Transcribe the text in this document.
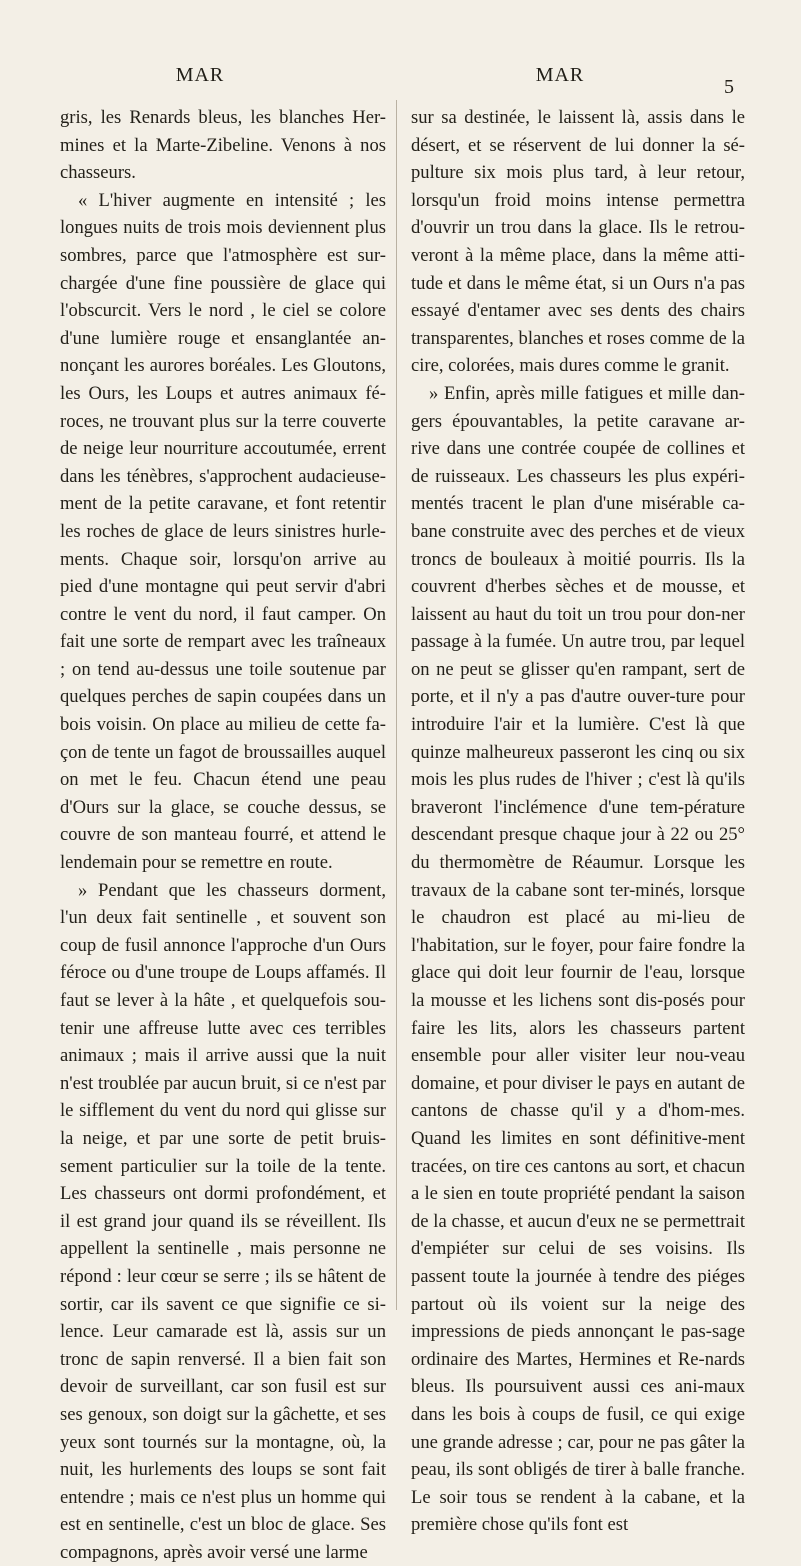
MAR	MAR
5

gris, les Renards bleus, les blanches Her-mines et la Marte-Zibeline. Venons à nos chasseurs.

« L'hiver augmente en intensité ; les longues nuits de trois mois deviennent plus sombres, parce que l'atmosphère est sur-chargée d'une fine poussière de glace qui l'obscurcit. Vers le nord , le ciel se colore d'une lumière rouge et ensanglantée an-nonçant les aurores boréales. Les Gloutons, les Ours, les Loups et autres animaux fé-roces, ne trouvant plus sur la terre couverte de neige leur nourriture accoutumée, errent dans les ténèbres, s'approchent audacieuse-ment de la petite caravane, et font retentir les roches de glace de leurs sinistres hurle-ments. Chaque soir, lorsqu'on arrive au pied d'une montagne qui peut servir d'abri contre le vent du nord, il faut camper. On fait une sorte de rempart avec les traîneaux ; on tend au-dessus une toile soutenue par quelques perches de sapin coupées dans un bois voisin. On place au milieu de cette fa-çon de tente un fagot de broussailles auquel on met le feu. Chacun étend une peau d'Ours sur la glace, se couche dessus, se couvre de son manteau fourré, et attend le lendemain pour se remettre en route.

» Pendant que les chasseurs dorment, l'un deux fait sentinelle , et souvent son coup de fusil annonce l'approche d'un Ours féroce ou d'une troupe de Loups affamés. Il faut se lever à la hâte , et quelquefois sou-tenir une affreuse lutte avec ces terribles animaux ; mais il arrive aussi que la nuit n'est troublée par aucun bruit, si ce n'est par le sifflement du vent du nord qui glisse sur la neige, et par une sorte de petit bruis-sement particulier sur la toile de la tente. Les chasseurs ont dormi profondément, et il est grand jour quand ils se réveillent. Ils appellent la sentinelle , mais personne ne répond : leur cœur se serre ; ils se hâtent de sortir, car ils savent ce que signifie ce si-lence. Leur camarade est là, assis sur un tronc de sapin renversé. Il a bien fait son devoir de surveillant, car son fusil est sur ses genoux, son doigt sur la gâchette, et ses yeux sont tournés sur la montagne, où, la nuit, les hurlements des loups se sont fait entendre ; mais ce n'est plus un homme qui est en sentinelle, c'est un bloc de glace. Ses compagnons, après avoir versé une larme

sur sa destinée, le laissent là, assis dans le désert, et se réservent de lui donner la sé-pulture six mois plus tard, à leur retour, lorsqu'un froid moins intense permettra d'ouvrir un trou dans la glace. Ils le retrou-veront à la même place, dans la même atti-tude et dans le même état, si un Ours n'a pas essayé d'entamer avec ses dents des chairs transparentes, blanches et roses comme de la cire, colorées, mais dures comme le granit.

» Enfin, après mille fatigues et mille dan-gers épouvantables, la petite caravane ar-rive dans une contrée coupée de collines et de ruisseaux. Les chasseurs les plus expéri-mentés tracent le plan d'une misérable ca-bane construite avec des perches et de vieux troncs de bouleaux à moitié pourris. Ils la couvrent d'herbes sèches et de mousse, et laissent au haut du toit un trou pour don-ner passage à la fumée. Un autre trou, par lequel on ne peut se glisser qu'en rampant, sert de porte, et il n'y a pas d'autre ouver-ture pour introduire l'air et la lumière. C'est là que quinze malheureux passeront les cinq ou six mois les plus rudes de l'hiver ; c'est là qu'ils braveront l'inclémence d'une tem-pérature descendant presque chaque jour à 22 ou 25° du thermomètre de Réaumur. Lorsque les travaux de la cabane sont ter-minés, lorsque le chaudron est placé au mi-lieu de l'habitation, sur le foyer, pour faire fondre la glace qui doit leur fournir de l'eau, lorsque la mousse et les lichens sont dis-posés pour faire les lits, alors les chasseurs partent ensemble pour aller visiter leur nou-veau domaine, et pour diviser le pays en autant de cantons de chasse qu'il y a d'hom-mes. Quand les limites en sont définitive-ment tracées, on tire ces cantons au sort, et chacun a le sien en toute propriété pendant la saison de la chasse, et aucun d'eux ne se permettrait d'empiéter sur celui de ses voisins. Ils passent toute la journée à tendre des piéges partout où ils voient sur la neige des impressions de pieds annonçant le pas-sage ordinaire des Martes, Hermines et Re-nards bleus. Ils poursuivent aussi ces ani-maux dans les bois à coups de fusil, ce qui exige une grande adresse ; car, pour ne pas gâter la peau, ils sont obligés de tirer à balle franche. Le soir tous se rendent à la cabane, et la première chose qu'ils font est
